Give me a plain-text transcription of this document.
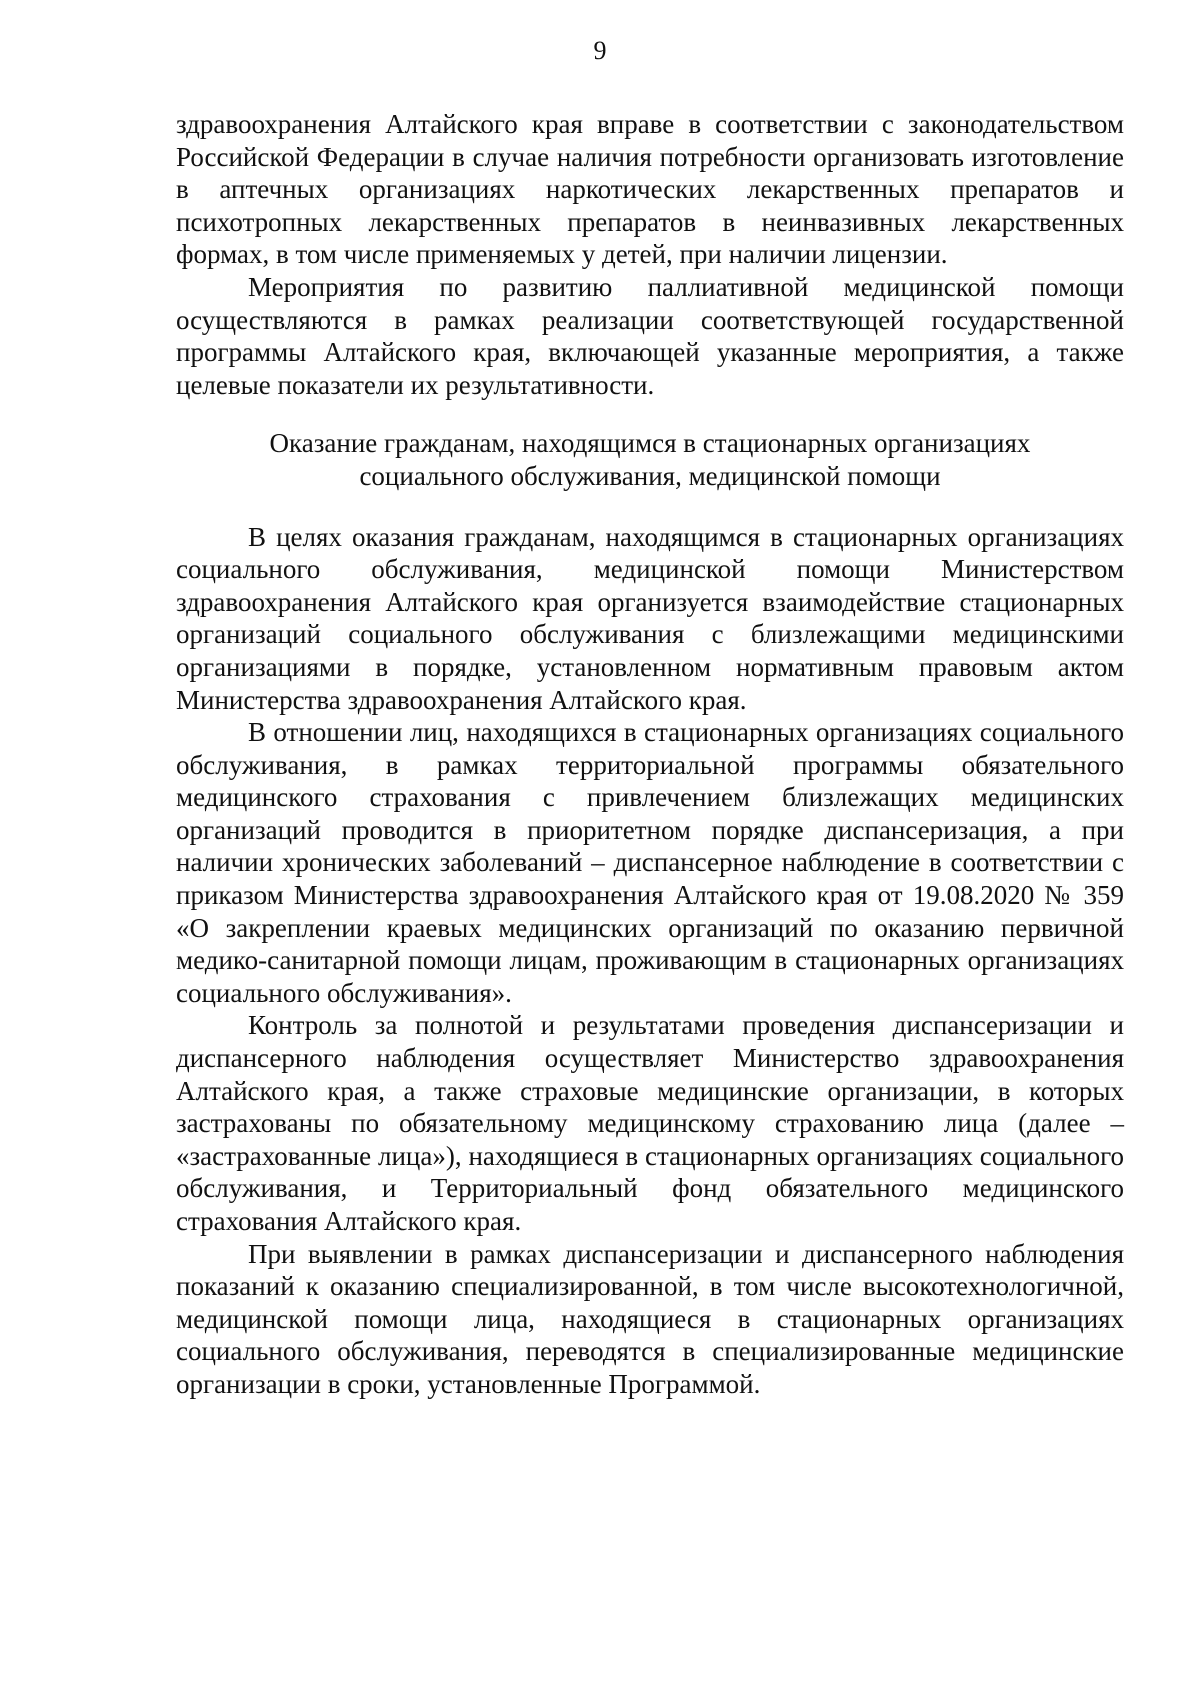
9

здравоохранения Алтайского края вправе в соответствии с законодательством Российской Федерации в случае наличия потребности организовать изготовление в аптечных организациях наркотических лекарственных препаратов и психотропных лекарственных препаратов в неинвазивных лекарственных формах, в том числе применяемых у детей, при наличии лицензии.

Мероприятия по развитию паллиативной медицинской помощи осуществляются в рамках реализации соответствующей государственной программы Алтайского края, включающей указанные мероприятия, а также целевые показатели их результативности.

Оказание гражданам, находящимся в стационарных организациях
социального обслуживания, медицинской помощи

В целях оказания гражданам, находящимся в стационарных организациях социального обслуживания, медицинской помощи Министерством здравоохранения Алтайского края организуется взаимодействие стационарных организаций социального обслуживания с близлежащими медицинскими организациями в порядке, установленном нормативным правовым актом Министерства здравоохранения Алтайского края.

В отношении лиц, находящихся в стационарных организациях социального обслуживания, в рамках территориальной программы обязательного медицинского страхования с привлечением близлежащих медицинских организаций проводится в приоритетном порядке диспансеризация, а при наличии хронических заболеваний – диспансерное наблюдение в соответствии с приказом Министерства здравоохранения Алтайского края от 19.08.2020 № 359 «О закреплении краевых медицинских организаций по оказанию первичной медико-санитарной помощи лицам, проживающим в стационарных организациях социального обслуживания».

Контроль за полнотой и результатами проведения диспансеризации и диспансерного наблюдения осуществляет Министерство здравоохранения Алтайского края, а также страховые медицинские организации, в которых застрахованы по обязательному медицинскому страхованию лица (далее – «застрахованные лица»), находящиеся в стационарных организациях социального обслуживания, и Территориальный фонд обязательного медицинского страхования Алтайского края.

При выявлении в рамках диспансеризации и диспансерного наблюдения показаний к оказанию специализированной, в том числе высокотехнологичной, медицинской помощи лица, находящиеся в стационарных организациях социального обслуживания, переводятся в специализированные медицинские организации в сроки, установленные Программой.
